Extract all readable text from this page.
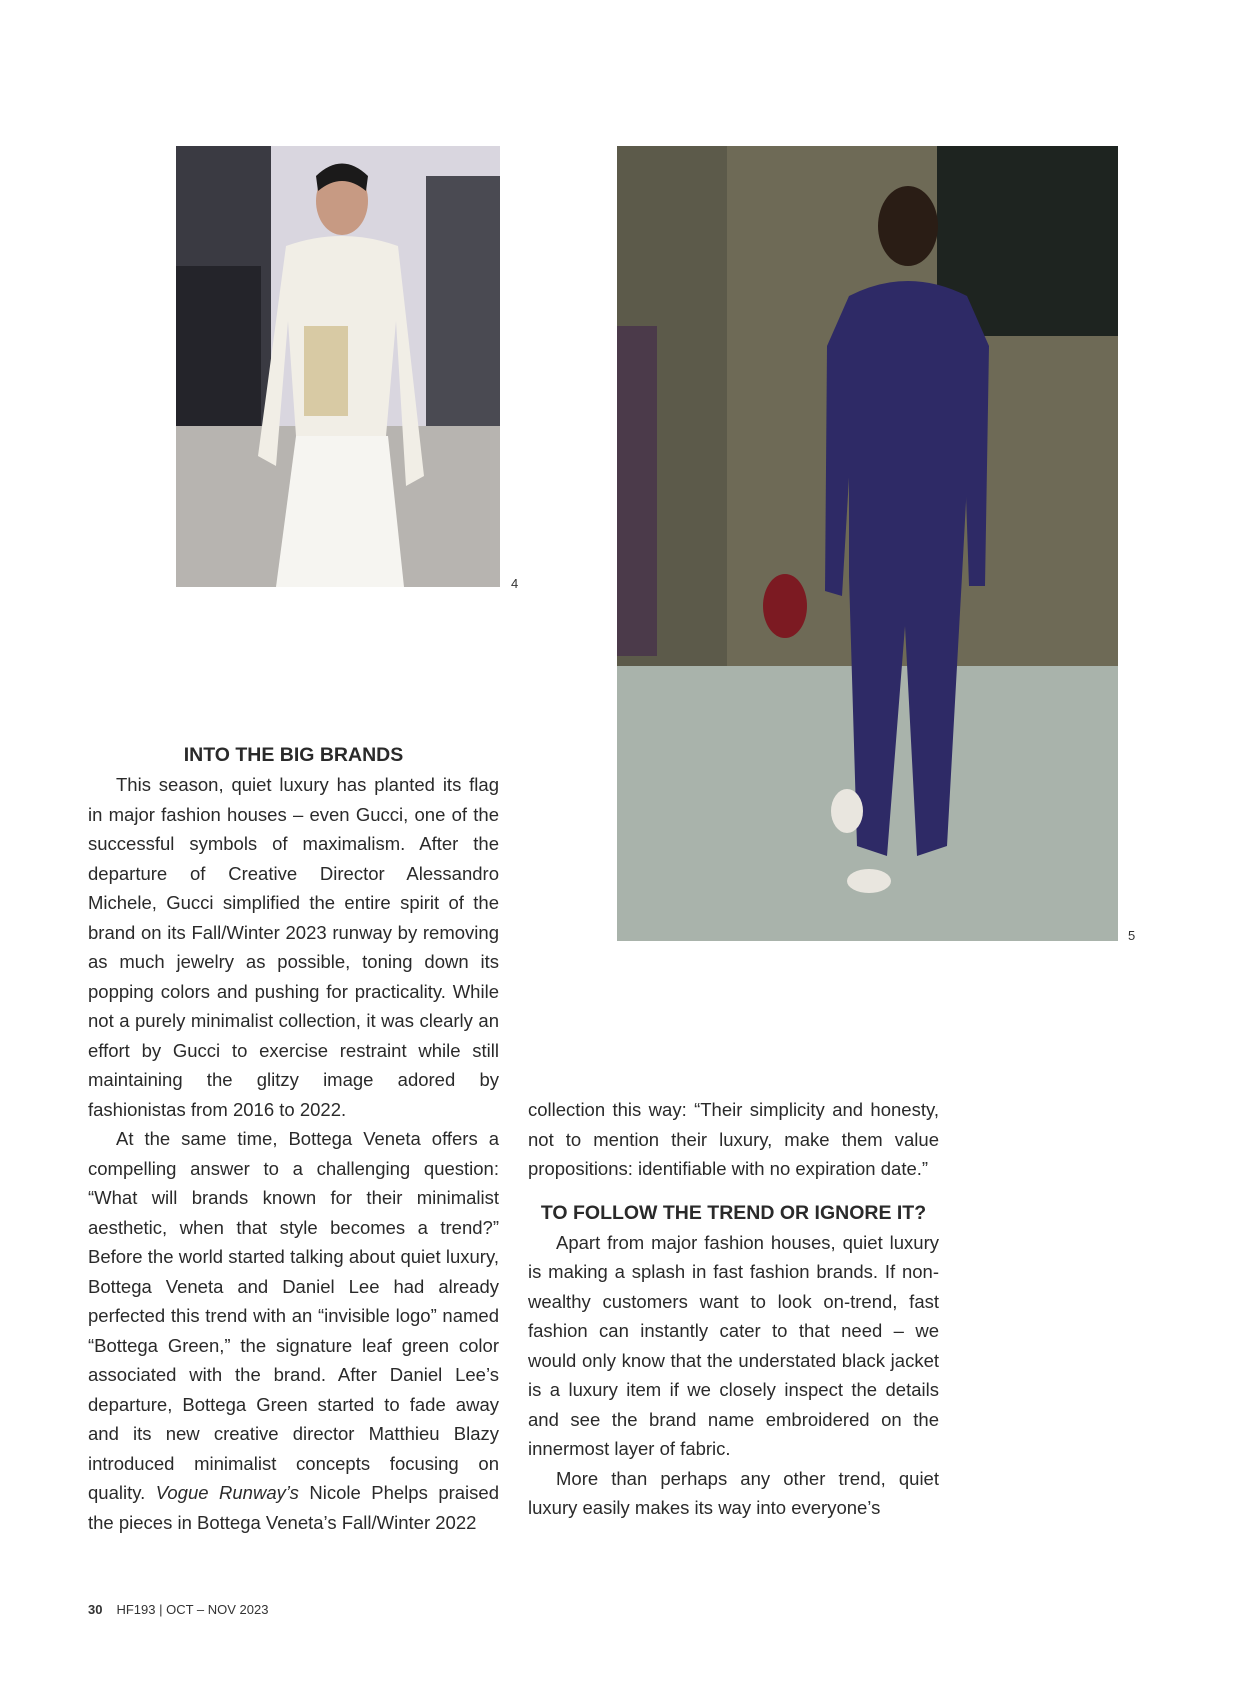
4
5
INTO THE BIG BRANDS

This season, quiet luxury has planted its flag in major fashion houses – even Gucci, one of the successful symbols of maximalism. After the departure of Creative Director Alessandro Michele, Gucci simplified the entire spirit of the brand on its Fall/Winter 2023 runway by removing as much jewelry as possible, toning down its popping colors and pushing for practicality. While not a purely minimalist collection, it was clearly an effort by Gucci to exercise restraint while still maintaining the glitzy image adored by fashionistas from 2016 to 2022.

At the same time, Bottega Veneta offers a compelling answer to a challenging question: “What will brands known for their minimalist aesthetic, when that style becomes a trend?” Before the world started talking about quiet luxury, Bottega Veneta and Daniel Lee had already perfected this trend with an “invisible logo” named “Bottega Green,” the signature leaf green color associated with the brand. After Daniel Lee’s departure, Bottega Green started to fade away and its new creative director Matthieu Blazy introduced minimalist concepts focusing on quality. Vogue Runway’s Nicole Phelps praised the pieces in Bottega Veneta’s Fall/Winter 2022

collection this way: “Their simplicity and honesty, not to mention their luxury, make them value propositions: identifiable with no expiration date.”

TO FOLLOW THE TREND OR IGNORE IT?

Apart from major fashion houses, quiet luxury is making a splash in fast fashion brands. If non-wealthy customers want to look on-trend, fast fashion can instantly cater to that need – we would only know that the understated black jacket is a luxury item if we closely inspect the details and see the brand name embroidered on the innermost layer of fabric.

More than perhaps any other trend, quiet luxury easily makes its way into everyone’s

30 HF193 | OCT – NOV 2023
